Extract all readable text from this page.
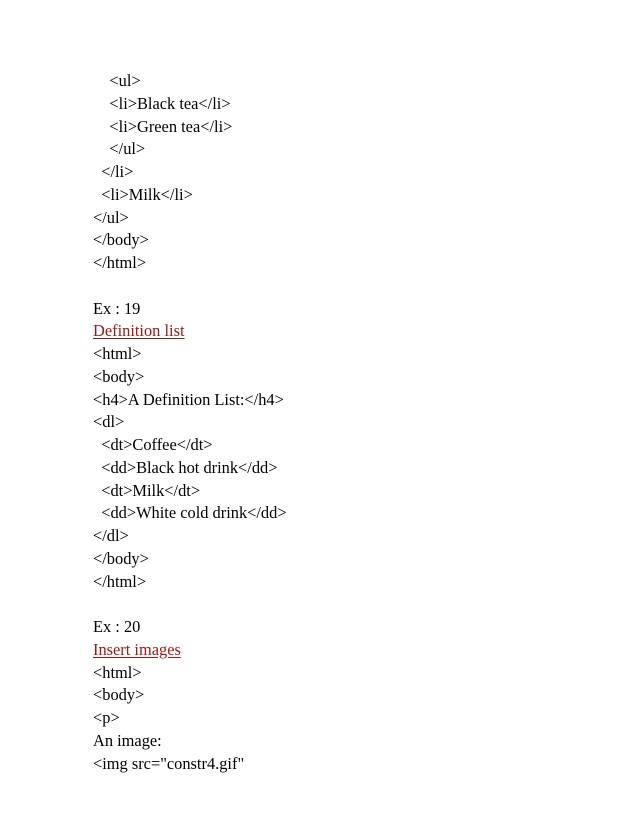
<ul>
<li>Black tea</li>
<li>Green tea</li>
</ul>
</li>
<li>Milk</li>
</ul>
</body>
</html>
Ex : 19
Definition list
<html>
<body>
<h4>A Definition List:</h4>
<dl>
<dt>Coffee</dt>
<dd>Black hot drink</dd>
<dt>Milk</dt>
<dd>White cold drink</dd>
</dl>
</body>
</html>
Ex : 20
Insert images
<html>
<body>
<p>
An image:
<img src="constr4.gif"
